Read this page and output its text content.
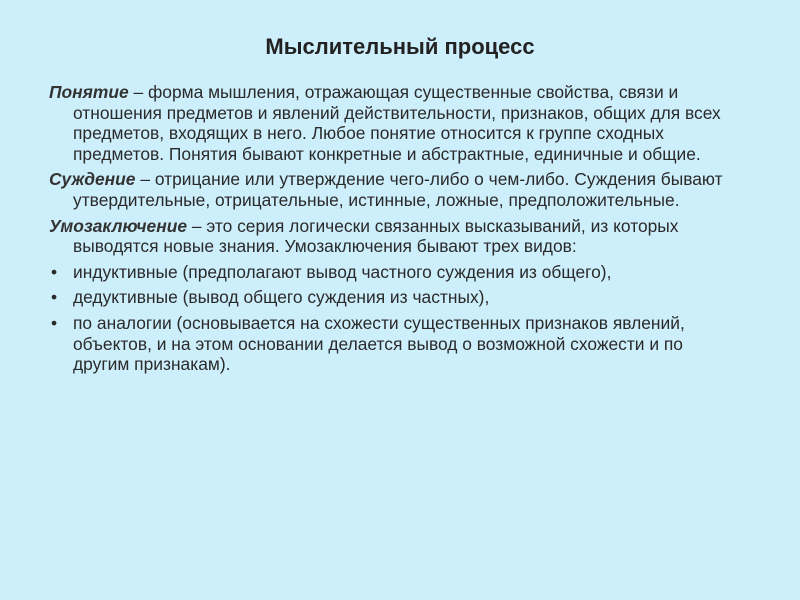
Мыслительный процесс

Понятие – форма мышления, отражающая существенные свойства, связи и отношения предметов и явлений действительности, признаков, общих для всех предметов, входящих в него. Любое понятие относится к группе сходных предметов. Понятия бывают конкретные и абстрактные, единичные и общие.

Суждение – отрицание или утверждение чего-либо о чем-либо. Суждения бывают утвердительные, отрицательные, истинные, ложные, предположительные.

Умозаключение – это серия логически связанных высказываний, из которых выводятся новые знания. Умозаключения бывают трех видов:

• индуктивные (предполагают вывод частного суждения из общего),
• дедуктивные (вывод общего суждения из частных),
• по аналогии (основывается на схожести существенных признаков явлений, объектов, и на этом основании делается вывод о возможной схожести и по другим признакам).
